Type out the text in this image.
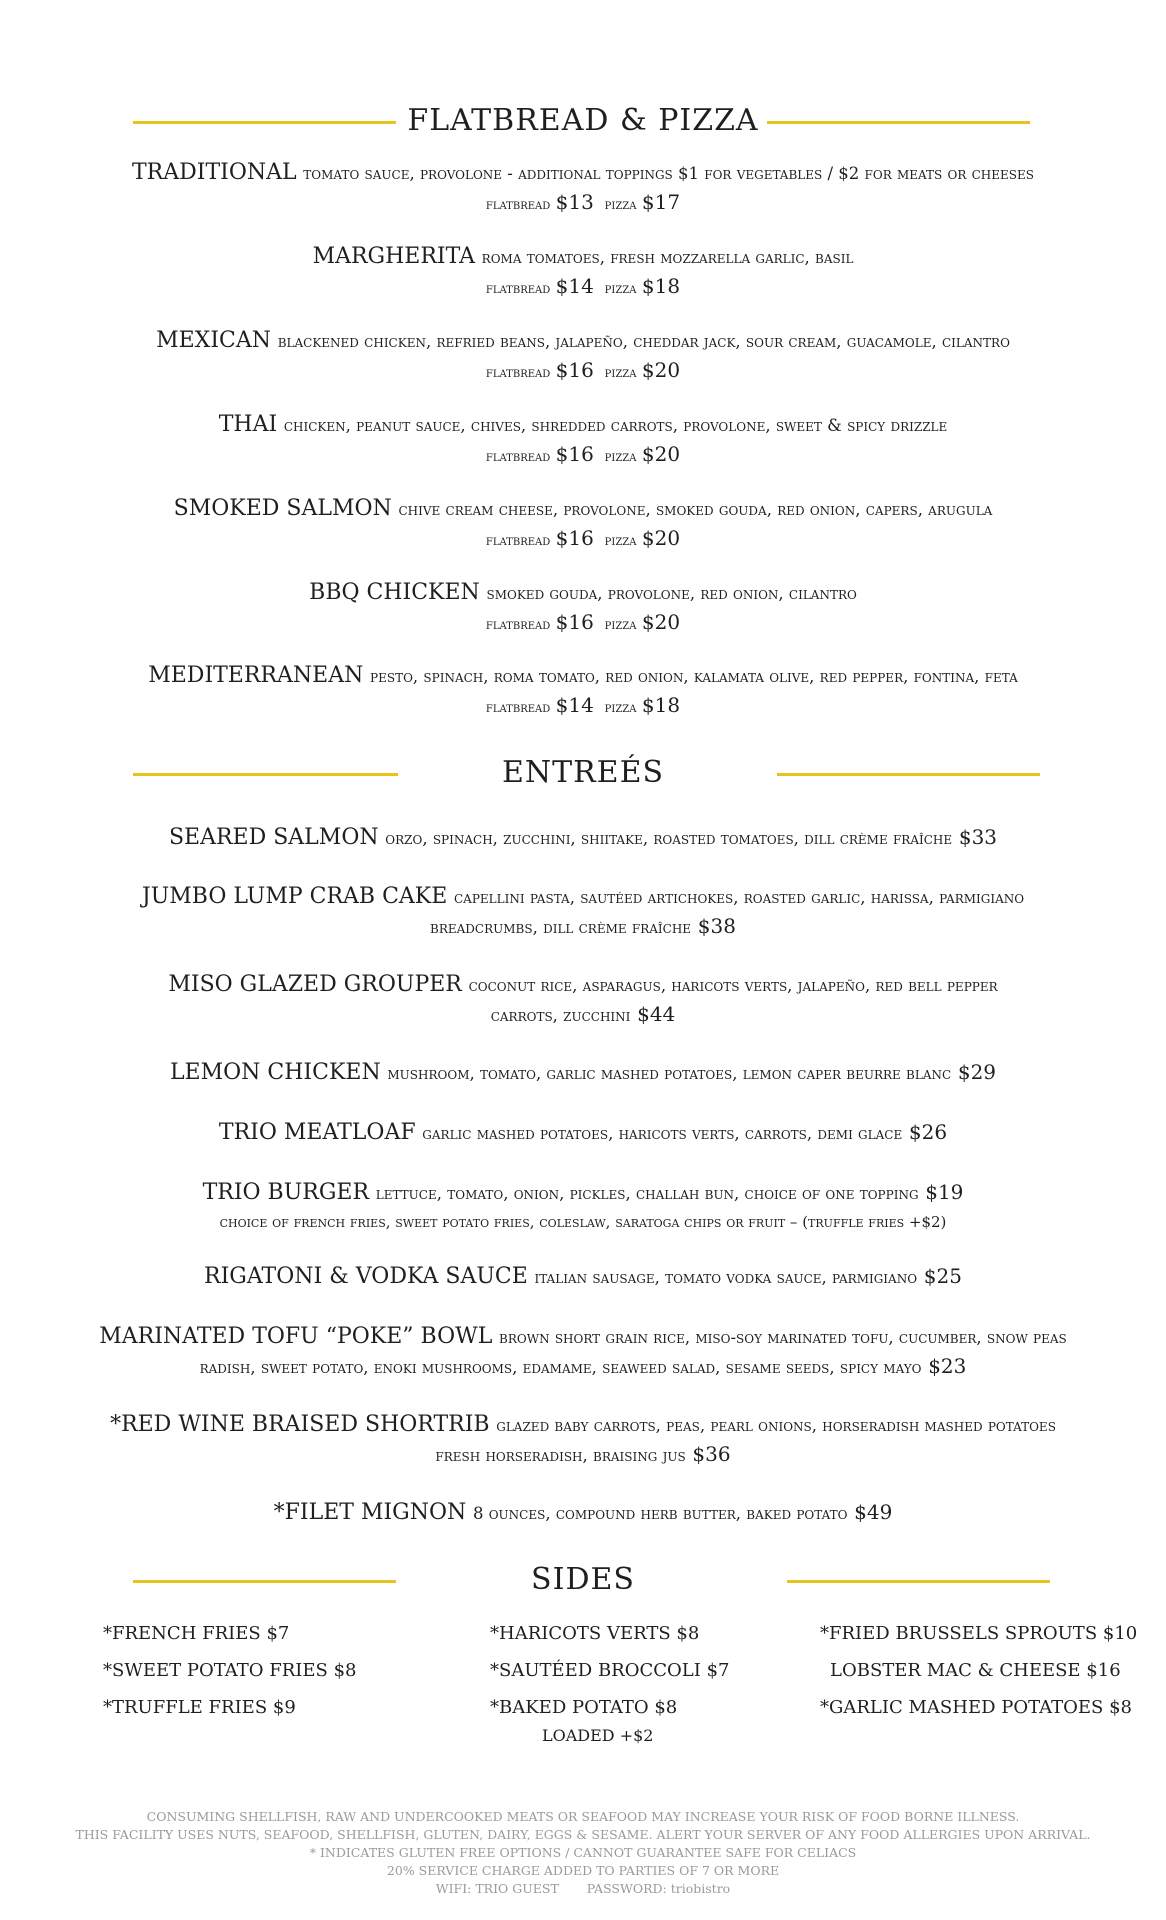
FLATBREAD & PIZZA
TRADITIONAL tomato sauce, provolone - additional toppings $1 for vegetables / $2 for meats or cheeses
flatbread $13 pizza $17
MARGHERITA roma tomatoes, fresh mozzarella garlic, basil
flatbread $14 pizza $18
MEXICAN blackened chicken, refried beans, jalapeño, cheddar jack, sour cream, guacamole, cilantro
flatbread $16 pizza $20
THAI chicken, peanut sauce, chives, shredded carrots, provolone, sweet & spicy drizzle
flatbread $16 pizza $20
SMOKED SALMON chive cream cheese, provolone, smoked gouda, red onion, capers, arugula
flatbread $16 pizza $20
BBQ CHICKEN smoked gouda, provolone, red onion, cilantro
flatbread $16 pizza $20
MEDITERRANEAN pesto, spinach, roma tomato, red onion, kalamata olive, red pepper, fontina, feta
flatbread $14 pizza $18
ENTREÉS
SEARED SALMON orzo, spinach, zucchini, shiitake, roasted tomatoes, dill crème fraîche $33
JUMBO LUMP CRAB CAKE capellini pasta, sautéed artichokes, roasted garlic, harissa, parmigiano
breadcrumbs, dill crème fraîche $38
MISO GLAZED GROUPER coconut rice, asparagus, haricots verts, jalapeño, red bell pepper
carrots, zucchini $44
LEMON CHICKEN mushroom, tomato, garlic mashed potatoes, lemon caper beurre blanc $29
TRIO MEATLOAF garlic mashed potatoes, haricots verts, carrots, demi glace $26
TRIO BURGER lettuce, tomato, onion, pickles, challah bun, choice of one topping $19
choice of french fries, sweet potato fries, coleslaw, saratoga chips or fruit – (truffle fries +$2)
RIGATONI & VODKA SAUCE italian sausage, tomato vodka sauce, parmigiano $25
MARINATED TOFU “POKE” BOWL brown short grain rice, miso-soy marinated tofu, cucumber, snow peas
radish, sweet potato, enoki mushrooms, edamame, seaweed salad, sesame seeds, spicy mayo $23
*RED WINE BRAISED SHORTRIB glazed baby carrots, peas, pearl onions, horseradish mashed potatoes
fresh horseradish, braising jus $36
*FILET MIGNON 8 ounces, compound herb butter, baked potato $49
SIDES
*FRENCH FRIES $7
*SWEET POTATO FRIES $8
*TRUFFLE FRIES $9
*HARICOTS VERTS $8
*SAUTÉED BROCCOLI $7
*BAKED POTATO $8
LOADED +$2
*FRIED BRUSSELS SPROUTS $10
LOBSTER MAC & CHEESE $16
*GARLIC MASHED POTATOES $8
CONSUMING SHELLFISH, RAW AND UNDERCOOKED MEATS OR SEAFOOD MAY INCREASE YOUR RISK OF FOOD BORNE ILLNESS.
THIS FACILITY USES NUTS, SEAFOOD, SHELLFISH, GLUTEN, DAIRY, EGGS & SESAME. ALERT YOUR SERVER OF ANY FOOD ALLERGIES UPON ARRIVAL.
* INDICATES GLUTEN FREE OPTIONS / CANNOT GUARANTEE SAFE FOR CELIACS
20% SERVICE CHARGE ADDED TO PARTIES OF 7 OR MORE
WIFI: TRIO GUEST PASSWORD: triobistro
